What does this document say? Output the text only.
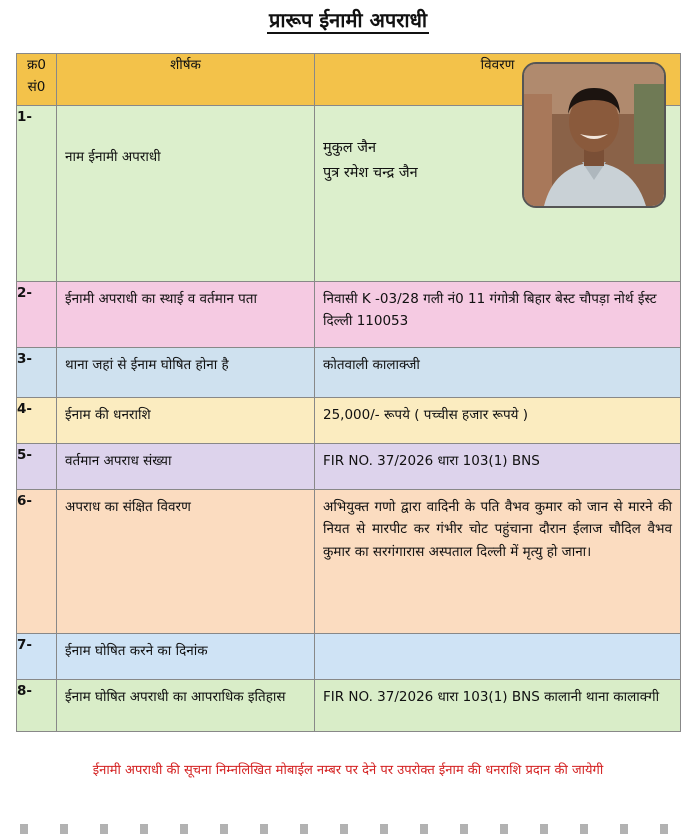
प्रारूप ईनामी अपराधी
क्र0
सं0	शीर्षक	विवरण
1-	नाम ईनामी अपराधी	मुकुल जैन
पुत्र रमेश चन्द्र जैन

2-	ईनामी अपराधी का स्थाई व वर्तमान पता	निवासी K -03/28 गली नं0 11 गंगोत्री बिहार बेस्ट चौपड़ा नोर्थ ईस्ट दिल्ली 110053

3-	थाना जहां से ईनाम घोषित होना है	कोतवाली कालाक्जी

4-	ईनाम की धनराशि	25,000/- रूपये ( पच्चीस हजार रूपये )

5-	वर्तमान अपराध संख्या	FIR NO. 37/2026 धारा 103(1) BNS

6-	अपराध का संक्षित विवरण	अभियुक्त गणो द्वारा वादिनी के पति वैभव कुमार को जान से मारने की नियत से मारपीट कर गंभीर चोट पहुंचाना दौरान ईलाज चौदिल वैभव कुमार का सरगंगारास अस्पताल दिल्ली में मृत्यु हो जाना।

7-	ईनाम घोषित करने का दिनांक	

8-	ईनाम घोषित अपराधी का आपराधिक इतिहास	FIR NO. 37/2026 धारा 103(1) BNS कालानी थाना कालाक्गी
ईनामी अपराधी की सूचना निम्नलिखित मोबाईल नम्बर पर देने पर उपरोक्त ईनाम की धनराशि प्रदान की जायेगी
